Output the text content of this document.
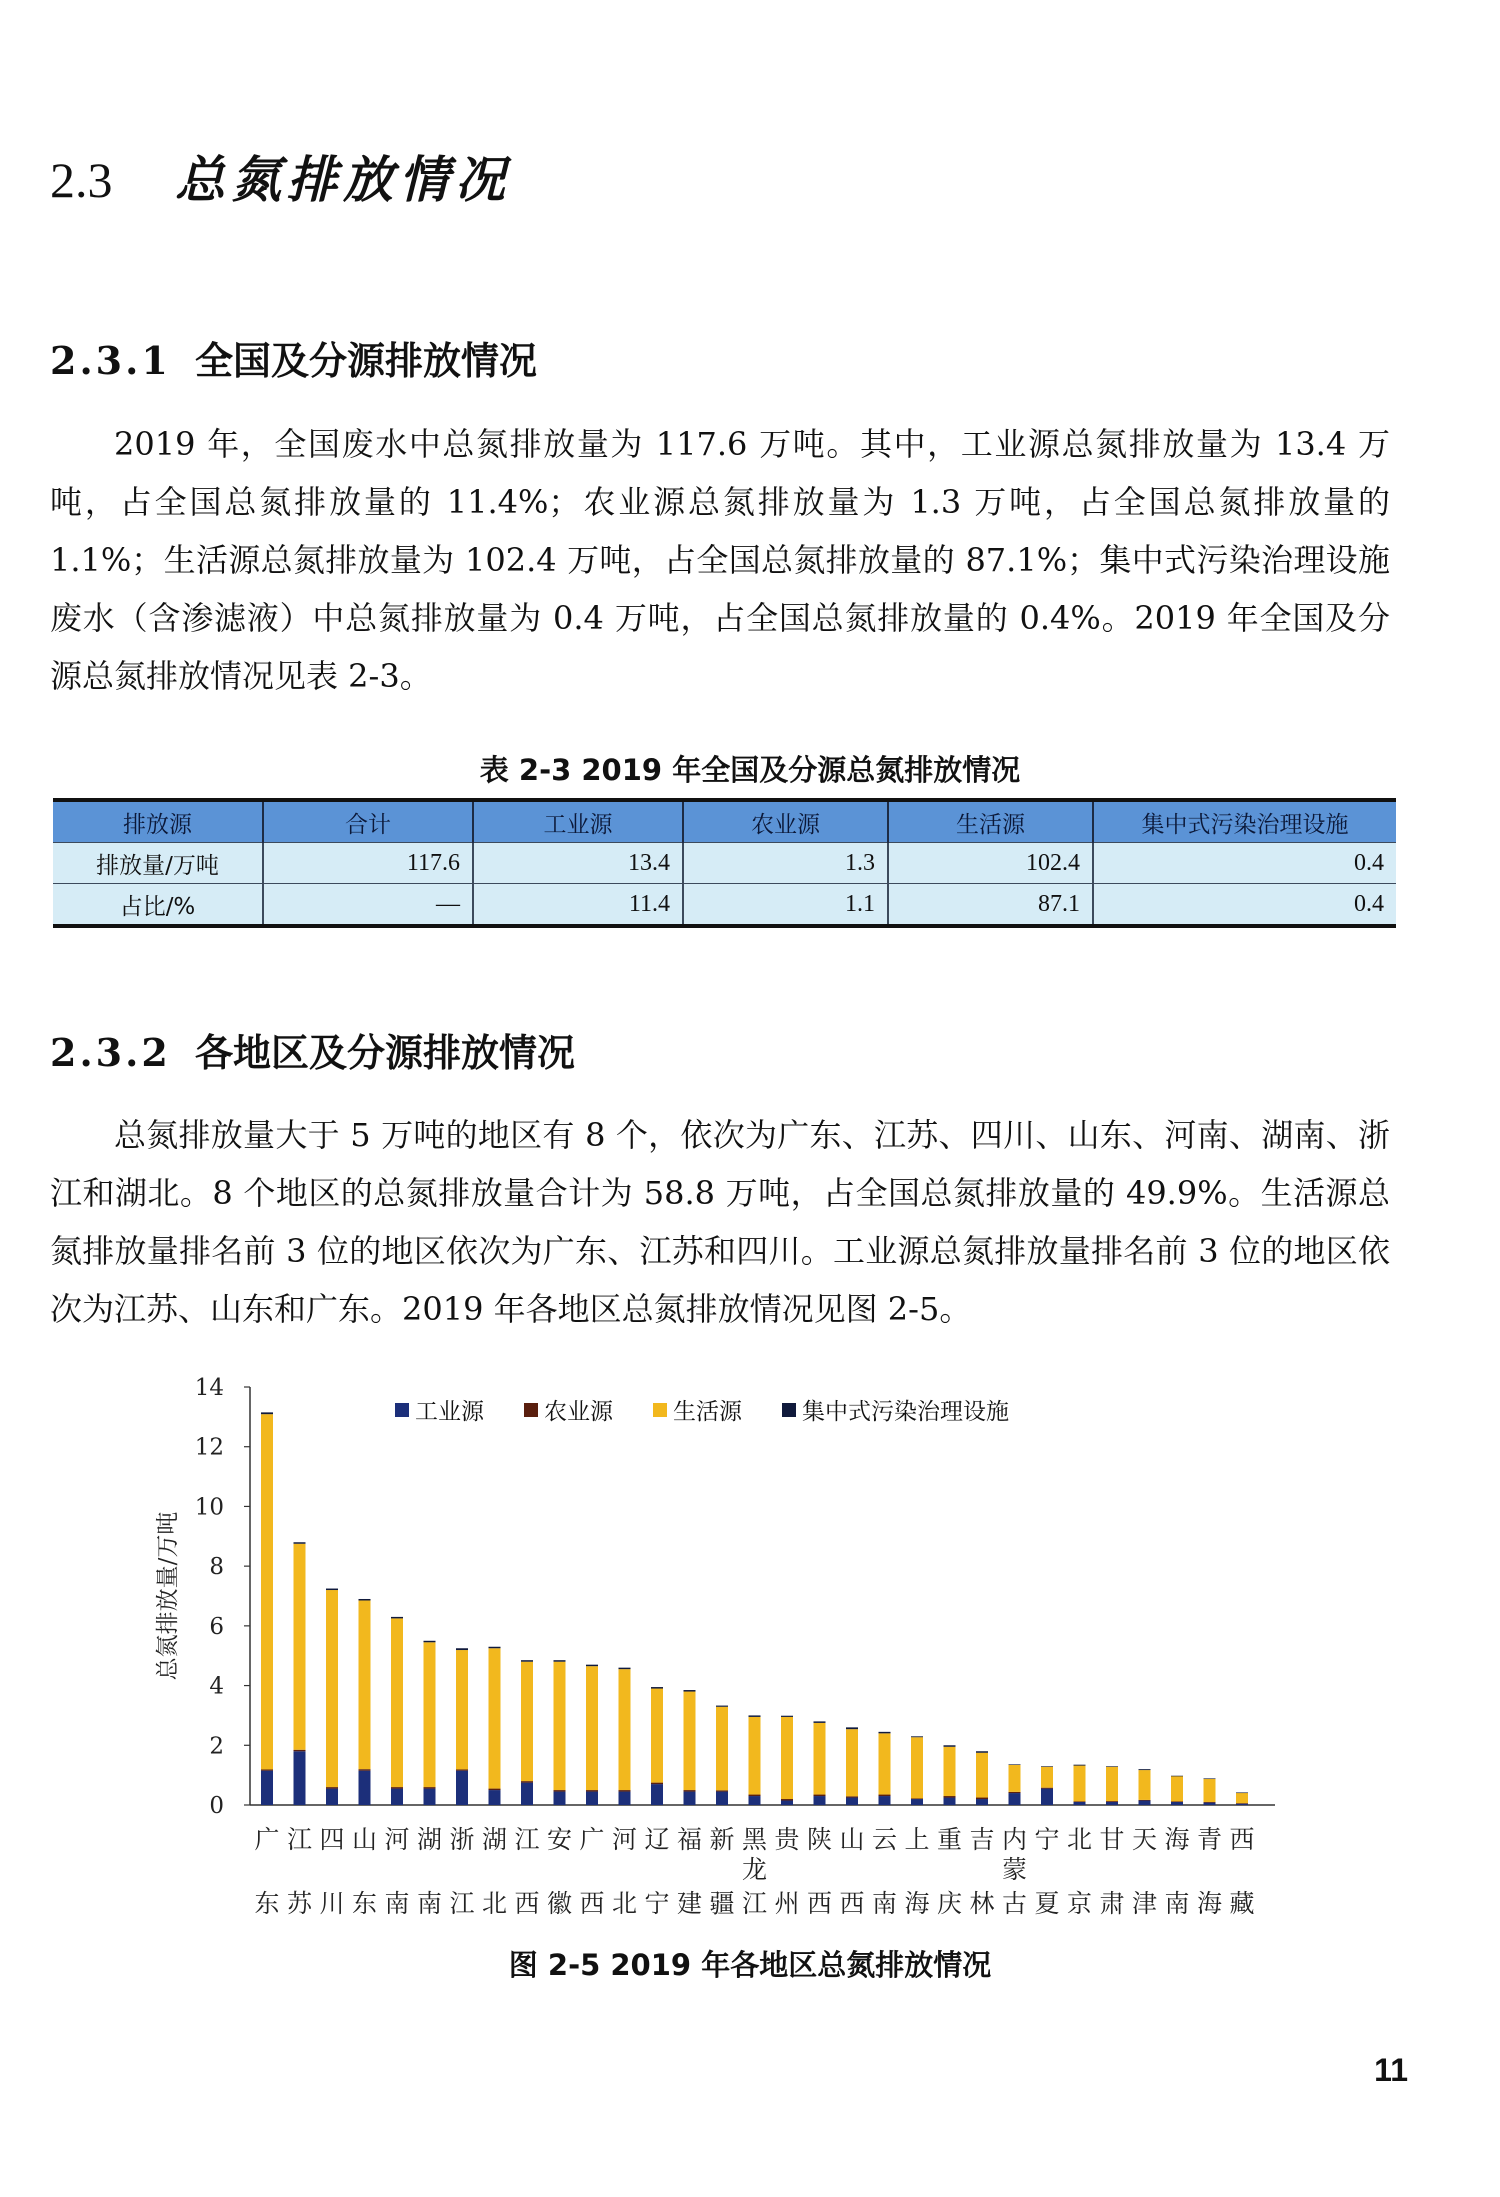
2.3 总氮排放情况
2.3.1 全国及分源排放情况
2019 年，全国废水中总氮排放量为 117.6 万吨。其中，工业源总氮排放量为 13.4 万吨，占全国总氮排放量的 11.4%；农业源总氮排放量为 1.3 万吨，占全国总氮排放量的 1.1%；生活源总氮排放量为 102.4 万吨，占全国总氮排放量的 87.1%；集中式污染治理设施废水（含渗滤液）中总氮排放量为 0.4 万吨，占全国总氮排放量的 0.4%。2019 年全国及分源总氮排放情况见表 2-3。
表 2-3 2019 年全国及分源总氮排放情况
排放源	合计	工业源	农业源	生活源	集中式污染治理设施
排放量/万吨	117.6	13.4	1.3	102.4	0.4
占比/%	—	11.4	1.1	87.1	0.4
2.3.2 各地区及分源排放情况
总氮排放量大于 5 万吨的地区有 8 个，依次为广东、江苏、四川、山东、河南、湖南、浙江和湖北。8 个地区的总氮排放量合计为 58.8 万吨，占全国总氮排放量的 49.9%。生活源总氮排放量排名前 3 位的地区依次为广东、江苏和四川。工业源总氮排放量排名前 3 位的地区依次为江苏、山东和广东。2019 年各地区总氮排放情况见图 2-5。
工业源	农业源	生活源	集中式污染治理设施
0
2
4
6
8
10
12
14
总氮排放量/万吨
广
东
江
苏
四
川
山
东
河
南
湖
南
浙
江
湖
北
江
西
安
徽
广
西
河
北
辽
宁
福
建
新
疆
黑
龙
江
贵
州
陕
西
山
西
云
南
上
海
重
庆
吉
林
内
蒙
古
宁
夏
北
京
甘
肃
天
津
海
南
青
海
西
藏
图 2-5 2019 年各地区总氮排放情况
11
